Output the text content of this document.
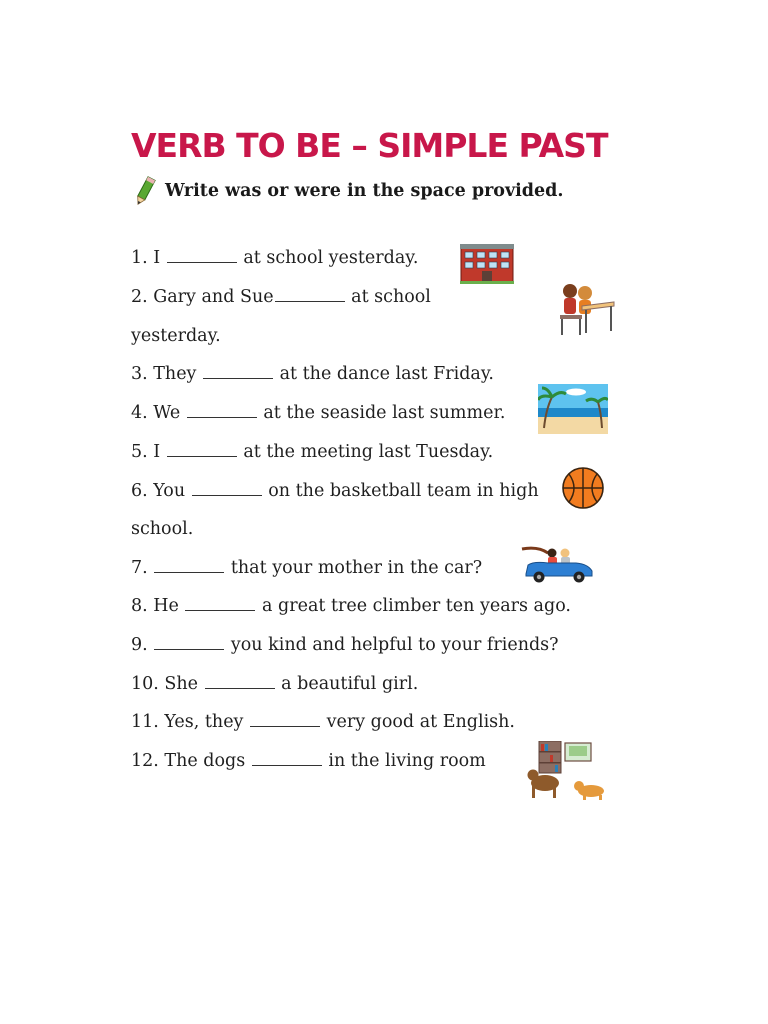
VERB TO BE – SIMPLE PAST
Write was or were in the space provided.
1. I	at school yesterday.
2. Gary and Sue	at school
yesterday.
3. They	at the dance last Friday.
4. We	at the seaside last summer.
5. I	at the meeting last Tuesday.
6. You	on the basketball team in high
school.
7.	that your mother in the car?
8. He	a great tree climber ten years ago.
9.	you kind and helpful to your friends?
10. She	a beautiful girl.
11. Yes, they	very good at English.
12. The dogs	in the living room
